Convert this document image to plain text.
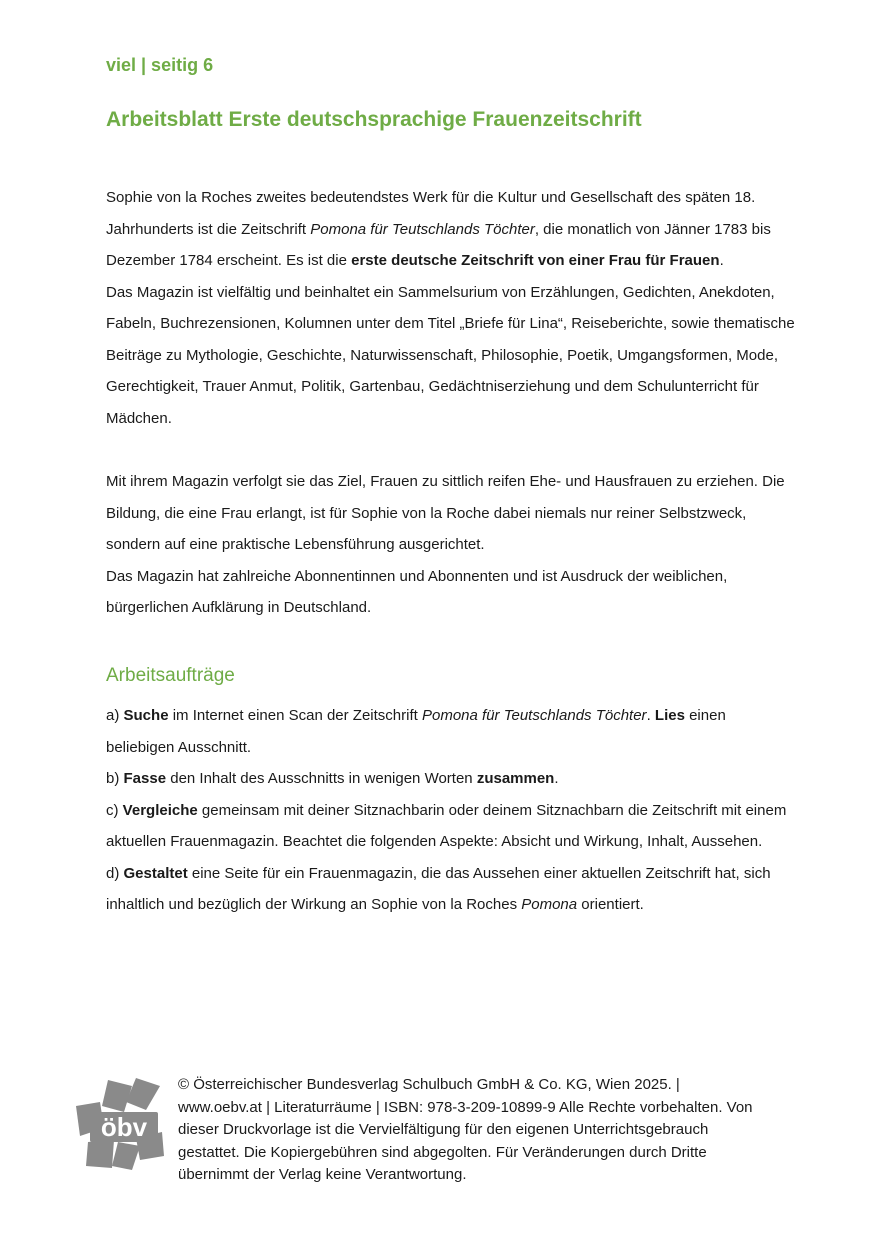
viel | seitig 6
Arbeitsblatt Erste deutschsprachige Frauenzeitschrift

Sophie von la Roches zweites bedeutendstes Werk für die Kultur und Gesellschaft des späten 18. Jahrhunderts ist die Zeitschrift Pomona für Teutschlands Töchter, die monatlich von Jänner 1783 bis Dezember 1784 erscheint. Es ist die erste deutsche Zeitschrift von einer Frau für Frauen.
Das Magazin ist vielfältig und beinhaltet ein Sammelsurium von Erzählungen, Gedichten, Anekdoten, Fabeln, Buchrezensionen, Kolumnen unter dem Titel „Briefe für Lina“, Reiseberichte, sowie thematische Beiträge zu Mythologie, Geschichte, Naturwissenschaft, Philosophie, Poetik, Umgangsformen, Mode, Gerechtigkeit, Trauer Anmut, Politik, Gartenbau, Gedächtniserziehung und dem Schulunterricht für Mädchen.

Mit ihrem Magazin verfolgt sie das Ziel, Frauen zu sittlich reifen Ehe- und Hausfrauen zu erziehen. Die Bildung, die eine Frau erlangt, ist für Sophie von la Roche dabei niemals nur reiner Selbstzweck, sondern auf eine praktische Lebensführung ausgerichtet.
Das Magazin hat zahlreiche Abonnentinnen und Abonnenten und ist Ausdruck der weiblichen, bürgerlichen Aufklärung in Deutschland.

Arbeitsaufträge
a) Suche im Internet einen Scan der Zeitschrift Pomona für Teutschlands Töchter. Lies einen beliebigen Ausschnitt.
b) Fasse den Inhalt des Ausschnitts in wenigen Worten zusammen.
c) Vergleiche gemeinsam mit deiner Sitznachbarin oder deinem Sitznachbarn die Zeitschrift mit einem aktuellen Frauenmagazin. Beachtet die folgenden Aspekte: Absicht und Wirkung, Inhalt, Aussehen.
d) Gestaltet eine Seite für ein Frauenmagazin, die das Aussehen einer aktuellen Zeitschrift hat, sich inhaltlich und bezüglich der Wirkung an Sophie von la Roches Pomona orientiert.
öbv
© Österreichischer Bundesverlag Schulbuch GmbH & Co. KG, Wien 2025. | www.oebv.at | Literaturräume | ISBN: 978-3-209-10899-9 Alle Rechte vorbehalten. Von dieser Druckvorlage ist die Vervielfältigung für den eigenen Unterrichtsgebrauch gestattet. Die Kopiergebühren sind abgegolten. Für Veränderungen durch Dritte übernimmt der Verlag keine Verantwortung.
